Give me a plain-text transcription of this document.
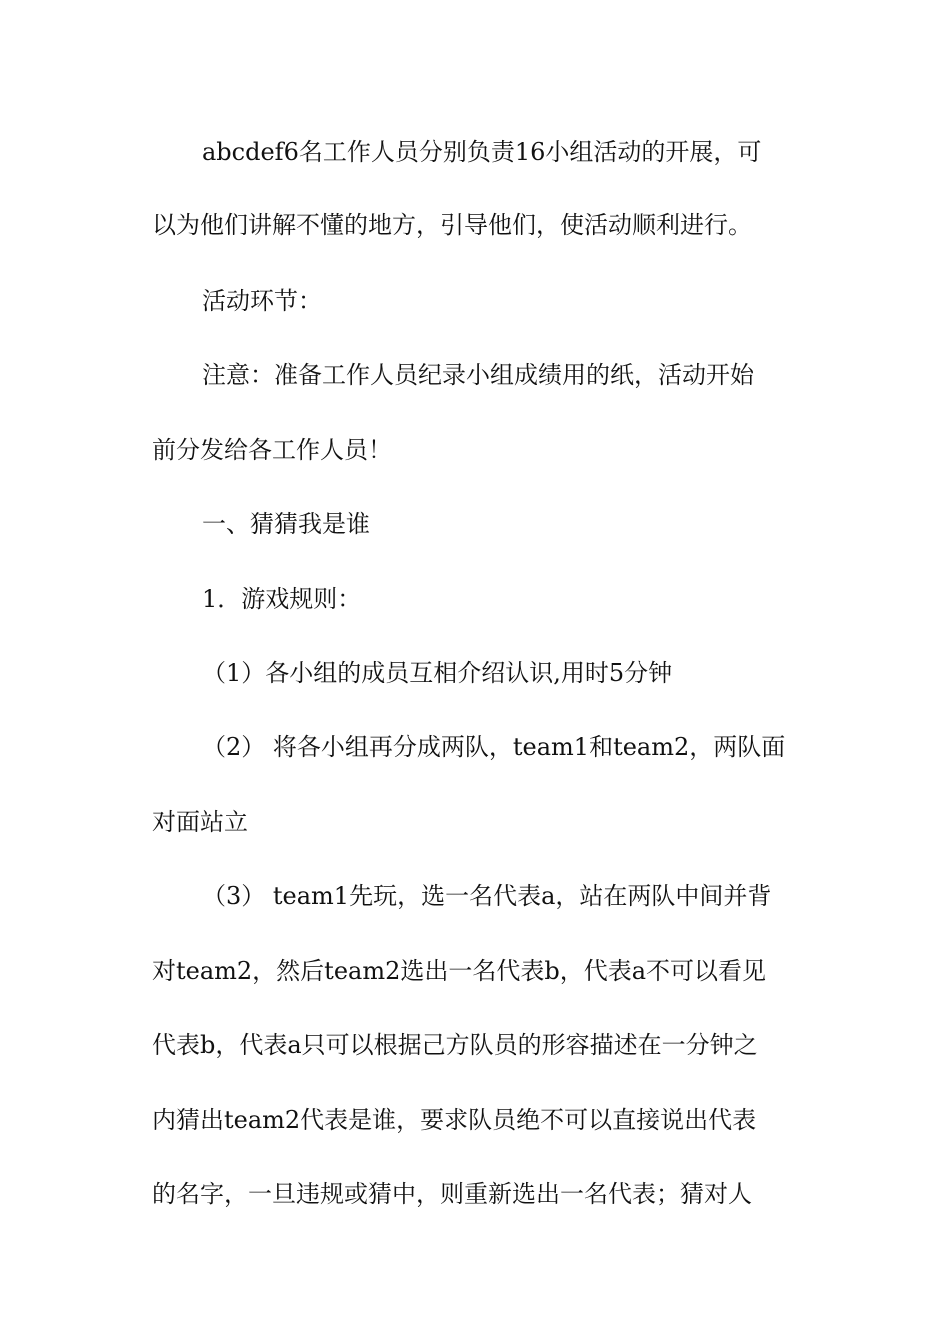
abcdef6名工作人员分别负责16小组活动的开展，可
以为他们讲解不懂的地方，引导他们，使活动顺利进行。
活动环节：
注意：准备工作人员纪录小组成绩用的纸，活动开始
前分发给各工作人员！
一、猜猜我是谁
1．游戏规则：
（1）各小组的成员互相介绍认识,用时5分钟
（2） 将各小组再分成两队，team1和team2，两队面
对面站立
（3） team1先玩，选一名代表a，站在两队中间并背
对team2，然后team2选出一名代表b，代表a不可以看见
代表b，代表a只可以根据己方队员的形容描述在一分钟之
内猜出team2代表是谁，要求队员绝不可以直接说出代表
的名字，一旦违规或猜中，则重新选出一名代表；猜对人
